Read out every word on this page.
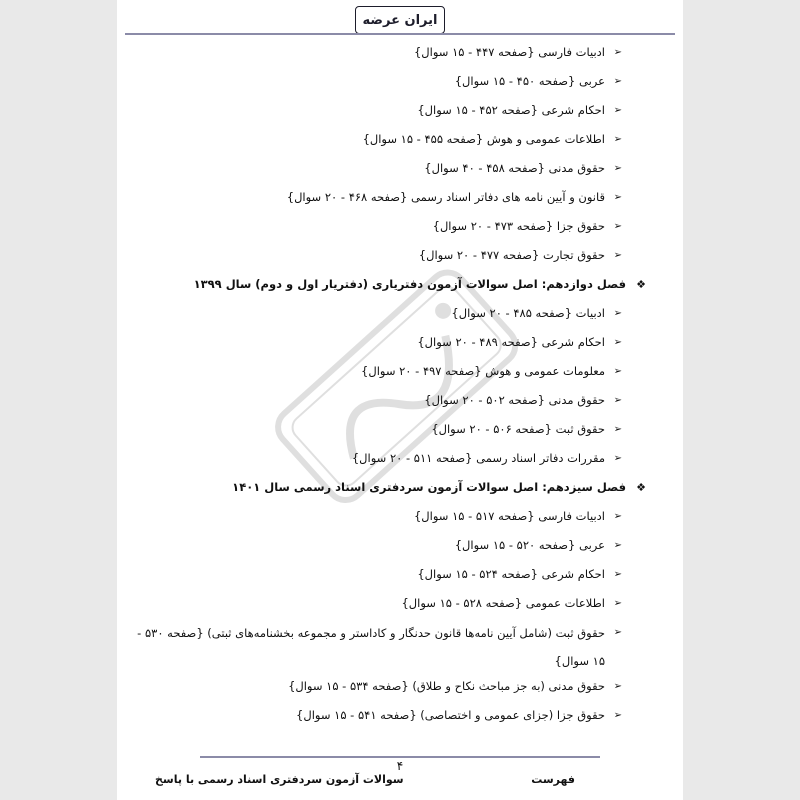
ایران عرضه
➢
ادبیات فارسی {صفحه ۴۴۷ - ۱۵ سوال}
➢
عربی {صفحه ۴۵۰ - ۱۵ سوال}
➢
احکام شرعی {صفحه ۴۵۲ - ۱۵ سوال}
➢
اطلاعات عمومی و هوش {صفحه ۴۵۵ - ۱۵ سوال}
➢
حقوق مدنی {صفحه ۴۵۸ - ۴۰ سوال}
➢
قانون و آیین نامه های دفاتر اسناد رسمی {صفحه ۴۶۸ - ۲۰ سوال}
➢
حقوق جزا {صفحه ۴۷۳ - ۲۰ سوال}
➢
حقوق تجارت {صفحه ۴۷۷ - ۲۰ سوال}
❖
فصل دوازدهم: اصل سوالات آزمون دفتریاری (دفتریار اول و دوم) سال ۱۳۹۹
➢
ادبیات {صفحه ۴۸۵ - ۲۰ سوال}
➢
احکام شرعی {صفحه ۴۸۹ - ۲۰ سوال}
➢
معلومات عمومی و هوش {صفحه ۴۹۷ - ۲۰ سوال}
➢
حقوق مدنی {صفحه ۵۰۲ - ۲۰ سوال}
➢
حقوق ثبت {صفحه ۵۰۶ - ۲۰ سوال}
➢
مقررات دفاتر اسناد رسمی {صفحه ۵۱۱ - ۲۰ سوال}
❖
فصل سیزدهم: اصل سوالات آزمون سردفتری اسناد رسمی سال ۱۴۰۱
➢
ادبیات فارسی {صفحه ۵۱۷ - ۱۵ سوال}
➢
عربی {صفحه ۵۲۰ - ۱۵ سوال}
➢
احکام شرعی {صفحه ۵۲۴ - ۱۵ سوال}
➢
اطلاعات عمومی {صفحه ۵۲۸ - ۱۵ سوال}
➢
حقوق ثبت (شامل آیین نامه‌ها قانون حدنگار و کاداستر و مجموعه بخشنامه‌های ثبتی) {صفحه ۵۳۰ - ۱۵ سوال}
➢
حقوق مدنی (به جز مباحث نکاح و طلاق) {صفحه ۵۳۴ - ۱۵ سوال}
➢
حقوق جزا (جزای عمومی و اختصاصی) {صفحه ۵۴۱ - ۱۵ سوال}
۴
سوالات آزمون سردفتری اسناد رسمی با پاسخ	فهرست
